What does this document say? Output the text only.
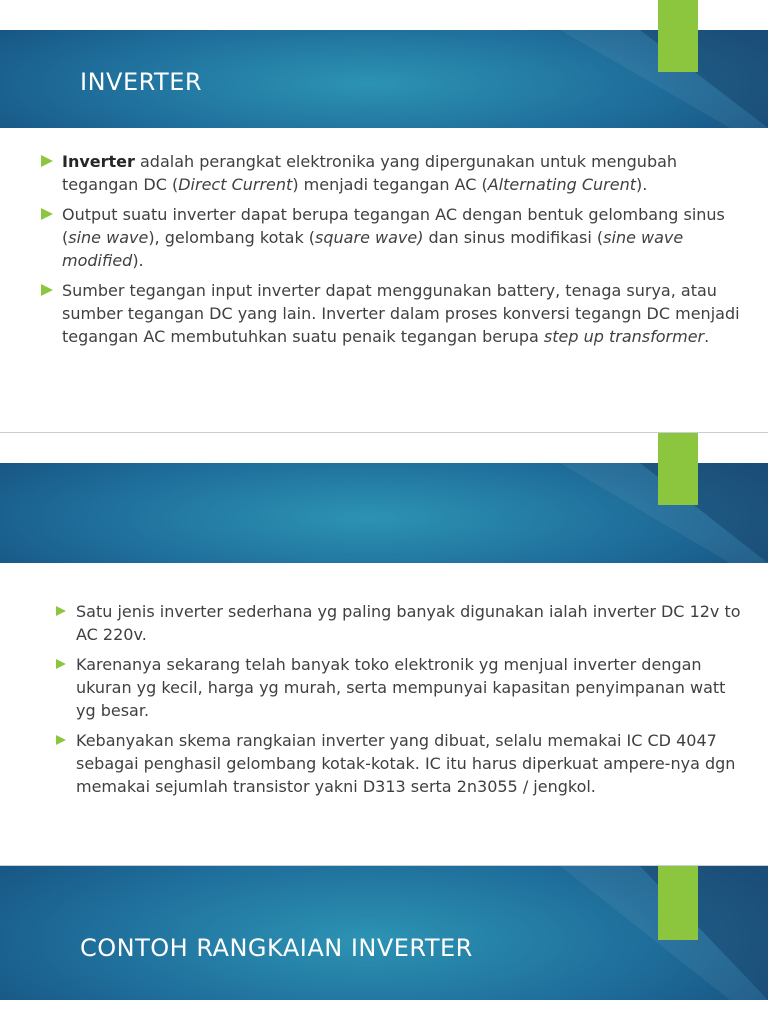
INVERTER
Inverter adalah perangkat elektronika yang dipergunakan untuk mengubah tegangan DC (Direct Current) menjadi tegangan AC (Alternating Curent).
Output suatu inverter dapat berupa tegangan AC dengan bentuk gelombang sinus (sine wave), gelombang kotak (square wave) dan sinus modifikasi (sine wave modified).
Sumber tegangan input inverter dapat menggunakan battery, tenaga surya, atau sumber tegangan DC yang lain. Inverter dalam proses konversi tegangn DC menjadi tegangan AC membutuhkan suatu penaik tegangan berupa step up transformer.
Satu jenis inverter sederhana yg paling banyak digunakan ialah inverter DC 12v to AC 220v.
Karenanya sekarang telah banyak toko elektronik yg menjual inverter dengan ukuran yg kecil, harga yg murah, serta mempunyai kapasitan penyimpanan watt yg besar.
Kebanyakan skema rangkaian inverter yang dibuat, selalu memakai IC CD 4047 sebagai penghasil gelombang kotak-kotak. IC itu harus diperkuat ampere-nya dgn memakai sejumlah transistor yakni D313 serta 2n3055 / jengkol.
CONTOH RANGKAIAN INVERTER
